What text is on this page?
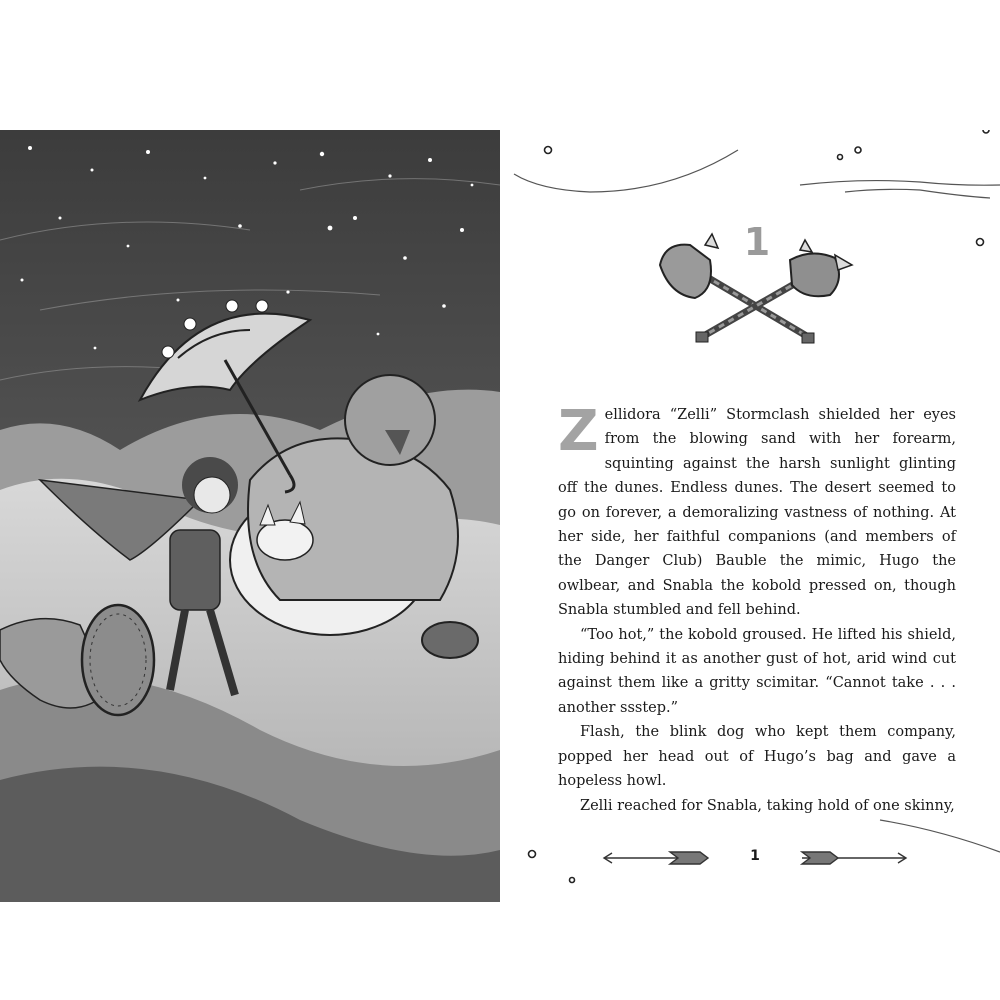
1

Zellidora “Zelli” Stormclash shielded her eyes from the blowing sand with her forearm, squinting against the harsh sunlight glinting off the dunes. Endless dunes. The desert seemed to go on forever, a demoralizing vastness of nothing. At her side, her faithful companions (and members of the Danger Club) Bauble the mimic, Hugo the owlbear, and Snabla the kobold pressed on, though Snabla stumbled and fell behind.

“Too hot,” the kobold groused. He lifted his shield, hiding behind it as another gust of hot, arid wind cut against them like a gritty scimitar. “Cannot take . . . another ssstep.”

Flash, the blink dog who kept them company, popped her head out of Hugo’s bag and gave a hopeless howl.

Zelli reached for Snabla, taking hold of one skinny,

1
